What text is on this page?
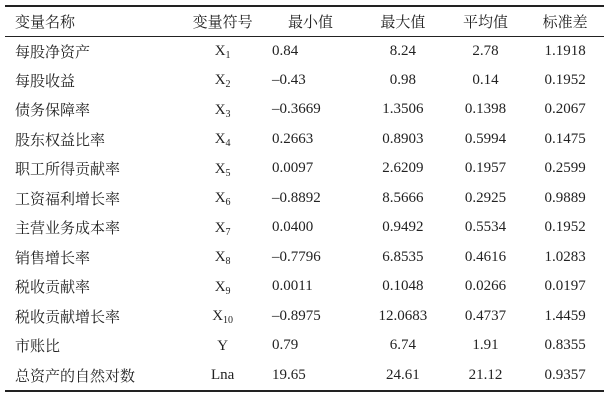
变量名称	变量符号	最小值	最大值	平均值	标准差
每股净资产	$X_1$	0.84	8.24	2.78	1.1918
每股收益	$X_2$	–0.43	0.98	0.14	0.1952
债务保障率	$X_3$	–0.3669	1.3506	0.1398	0.2067
股东权益比率	$X_4$	0.2663	0.8903	0.5994	0.1475
职工所得贡献率	$X_5$	0.0097	2.6209	0.1957	0.2599
工资福利增长率	$X_6$	–0.8892	8.5666	0.2925	0.9889
主营业务成本率	$X_7$	0.0400	0.9492	0.5534	0.1952
销售增长率	$X_8$	–0.7796	6.8535	0.4616	1.0283
税收贡献率	$X_9$	0.0011	0.1048	0.0266	0.0197
税收贡献增长率	$X_{10}$	–0.8975	12.0683	0.4737	1.4459
市账比	Y	0.79	6.74	1.91	0.8355
总资产的自然对数	Lna	19.65	24.61	21.12	0.9357
